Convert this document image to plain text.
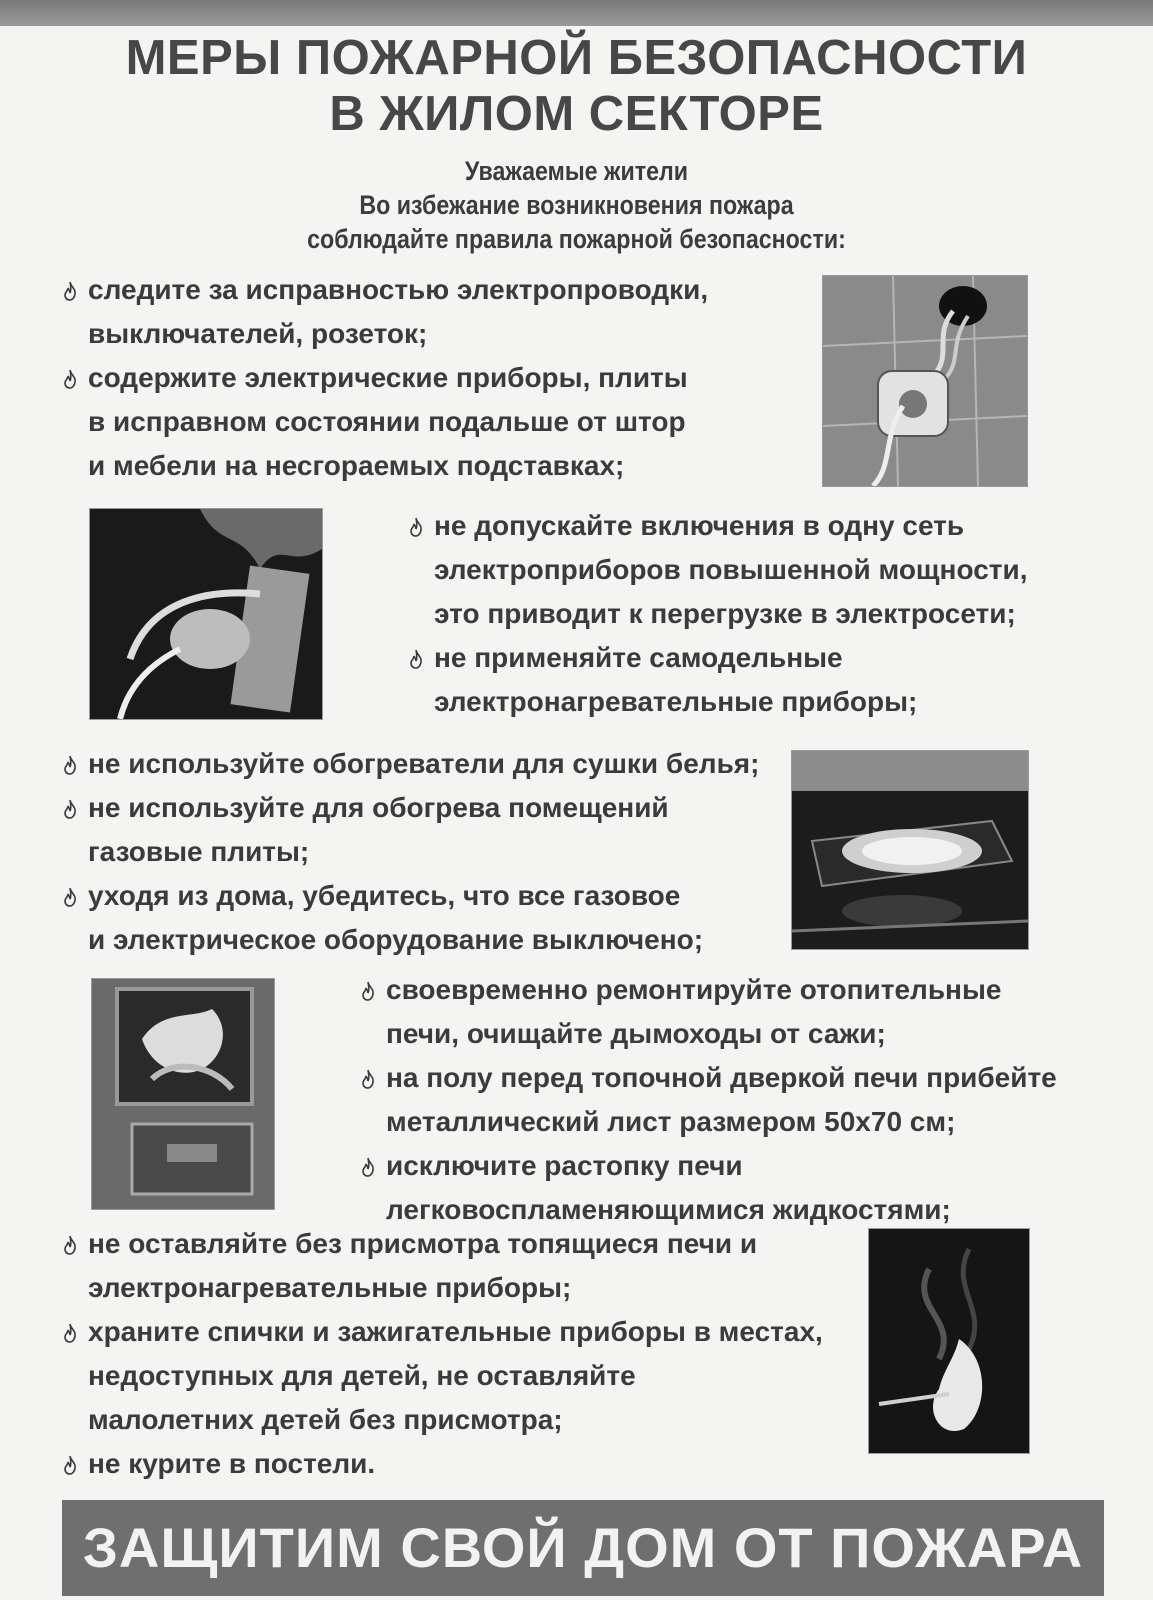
МЕРЫ ПОЖАРНОЙ БЕЗОПАСНОСТИ
В ЖИЛОМ СЕКТОРЕ
Уважаемые жители
Во избежание возникновения пожара
соблюдайте правила пожарной безопасности:
следите за исправностью электропроводки,
выключателей, розеток;
содержите электрические приборы, плиты
в исправном состоянии подальше от штор
и мебели на несгораемых подставках;
не допускайте включения в одну сеть
электроприборов повышенной мощности,
это приводит к перегрузке в электросети;
не применяйте самодельные
электронагревательные приборы;
не используйте обогреватели для сушки белья;
не используйте для обогрева помещений
газовые плиты;
уходя из дома, убедитесь, что все газовое
и электрическое оборудование выключено;
своевременно ремонтируйте отопительные
печи, очищайте дымоходы от сажи;
на полу перед топочной дверкой печи прибейте
металлический лист размером 50х70 см;
исключите растопку печи
легковоспламеняющимися жидкостями;
не оставляйте без присмотра топящиеся печи и
электронагревательные приборы;
храните спички и зажигательные приборы в местах,
недоступных для детей, не оставляйте
малолетних детей без присмотра;
не курите в постели.
ЗАЩИТИМ СВОЙ ДОМ ОТ ПОЖАРА
